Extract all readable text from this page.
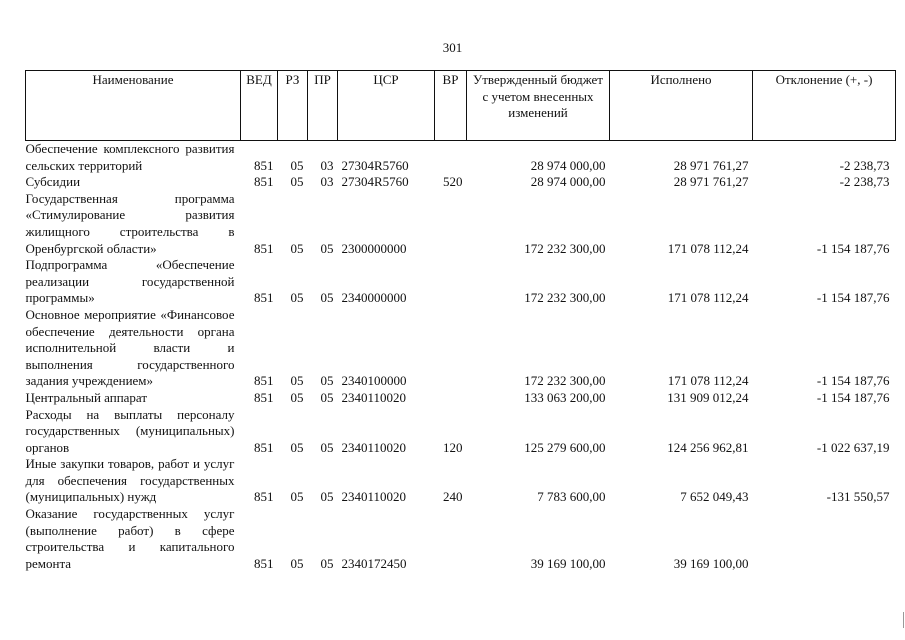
301
Наименование	ВЕД	РЗ	ПР	ЦСР	ВР	Утвержденный бюджет с учетом внесенных изменений	Исполнено	Отклонение (+, -)
Обеспечение комплексного развития сельских территорий	851	05	03	27304R5760		28 974 000,00	28 971 761,27	-2 238,73
Субсидии	851	05	03	27304R5760	520	28 974 000,00	28 971 761,27	-2 238,73
Государственная программа «Стимулирование развития жилищного строительства в Оренбургской области»	851	05	05	2300000000		172 232 300,00	171 078 112,24	-1 154 187,76
Подпрограмма «Обеспечение реализации государственной программы»	851	05	05	2340000000		172 232 300,00	171 078 112,24	-1 154 187,76
Основное мероприятие «Финансовое обеспечение деятельности органа исполнительной власти и выполнения государственного задания учреждением»	851	05	05	2340100000		172 232 300,00	171 078 112,24	-1 154 187,76
Центральный аппарат	851	05	05	2340110020		133 063 200,00	131 909 012,24	-1 154 187,76
Расходы на выплаты персоналу государственных (муниципальных) органов	851	05	05	2340110020	120	125 279 600,00	124 256 962,81	-1 022 637,19
Иные закупки товаров, работ и услуг для обеспечения государственных (муниципальных) нужд	851	05	05	2340110020	240	7 783 600,00	7 652 049,43	-131 550,57
Оказание государственных услуг (выполнение работ) в сфере строительства и капитального ремонта	851	05	05	2340172450		39 169 100,00	39 169 100,00	
